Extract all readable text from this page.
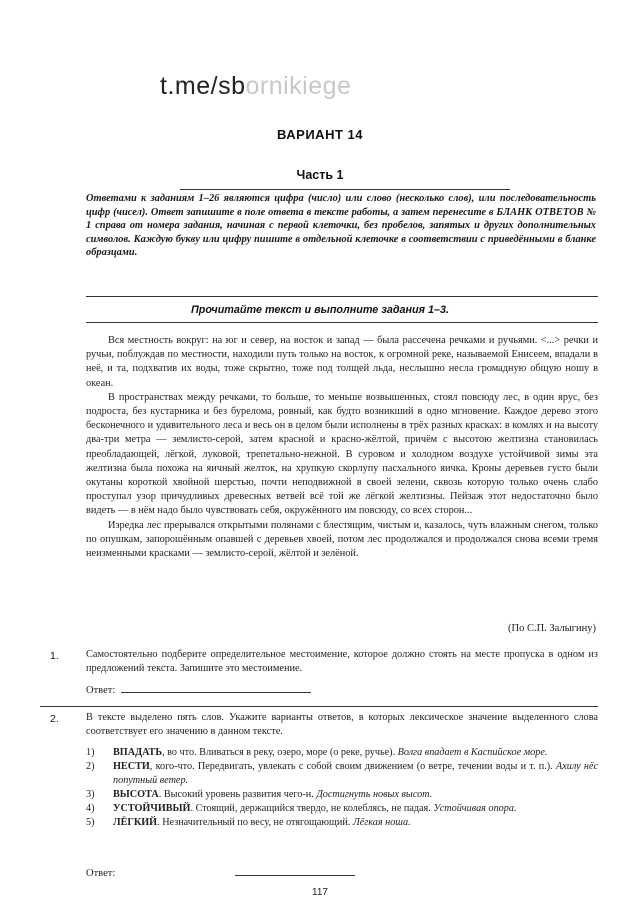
t.me/sbornikiege
ВАРИАНТ 14
Часть 1
Ответами к заданиям 1–26 являются цифра (число) или слово (несколько слов), или последовательность цифр (чисел). Ответ запишите в поле ответа в тексте работы, а затем перенесите в БЛАНК ОТВЕТОВ № 1 справа от номера задания, начиная с первой клеточки, без пробелов, запятых и других дополнительных символов. Каждую букву или цифру пишите в отдельной клеточке в соответствии с приведёнными в бланке образцами.
Прочитайте текст и выполните задания 1–3.

Вся местность вокруг: на юг и север, на восток и запад — была рассечена речками и ручьями. <...> речки и ручьи, поблуждав по местности, находили путь только на восток, к огромной реке, называемой Енисеем, впадали в неё, и та, подхватив их воды, тоже скрытно, тоже под толщей льда, неслышно несла громадную общую ношу в океан.

В пространствах между речками, то больше, то меньше возвышенных, стоял повсюду лес, в один ярус, без подроста, без кустарника и без бурелома, ровный, как будто возникший в одно мгновение. Каждое дерево этого бесконечного и удивительного леса и весь он в целом были исполнены в трёх разных красках: в комлях и на высоту два-три метра — землисто-серой, затем красной и красно-жёлтой, причём с высотою желтизна становилась преобладающей, лёгкой, луковой, трепетально-нежной. В суровом и холодном воздухе устойчивой зимы эта желтизна была похожа на яичный желток, на хрупкую скорлупу пасхального яичка. Кроны деревьев густо были окутаны короткой хвойной шерстью, почти неподвижной в своей зелени, сквозь которую только очень слабо проступал узор причудливых древесных ветвей всё той же лёгкой желтизны. Пейзаж этот недостаточно было видеть — в нём надо было чувствовать себя, окружённого им повсюду, со всех сторон...

Изредка лес прерывался открытыми полянами с блестящим, чистым и, казалось, чуть влажным снегом, только по опушкам, запорошённым опавшей с деревьев хвоей, потом лес продолжался и продолжался снова всеми тремя неизменными красками — землисто-серой, жёлтой и зелёной.

(По С.П. Залыгину)
1.	Самостоятельно подберите определительное местоимение, которое должно стоять на месте пропуска в одном из предложений текста. Запишите это местоимение.
Ответ:
2.	В тексте выделено пять слов. Укажите варианты ответов, в которых лексическое значение выделенного слова соответствует его значению в данном тексте.
1) ВПАДАТЬ, во что. Вливаться в реку, озеро, море (о реке, ручье). Волга впадает в Каспийское море.
2) НЕСТИ, кого-что. Передвигать, увлекать с собой своим движением (о ветре, течении воды и т. п.). Ахилу нёс попутный ветер.
3) ВЫСОТА. Высокий уровень развития чего-н. Достигнуть новых высот.
4) УСТОЙЧИВЫЙ. Стоящий, держащийся твердо, не колеблясь, не падая. Устойчивая опора.
5) ЛЁГКИЙ. Незначительный по весу, не отягощающий. Лёгкая ноша.
Ответ:
117
